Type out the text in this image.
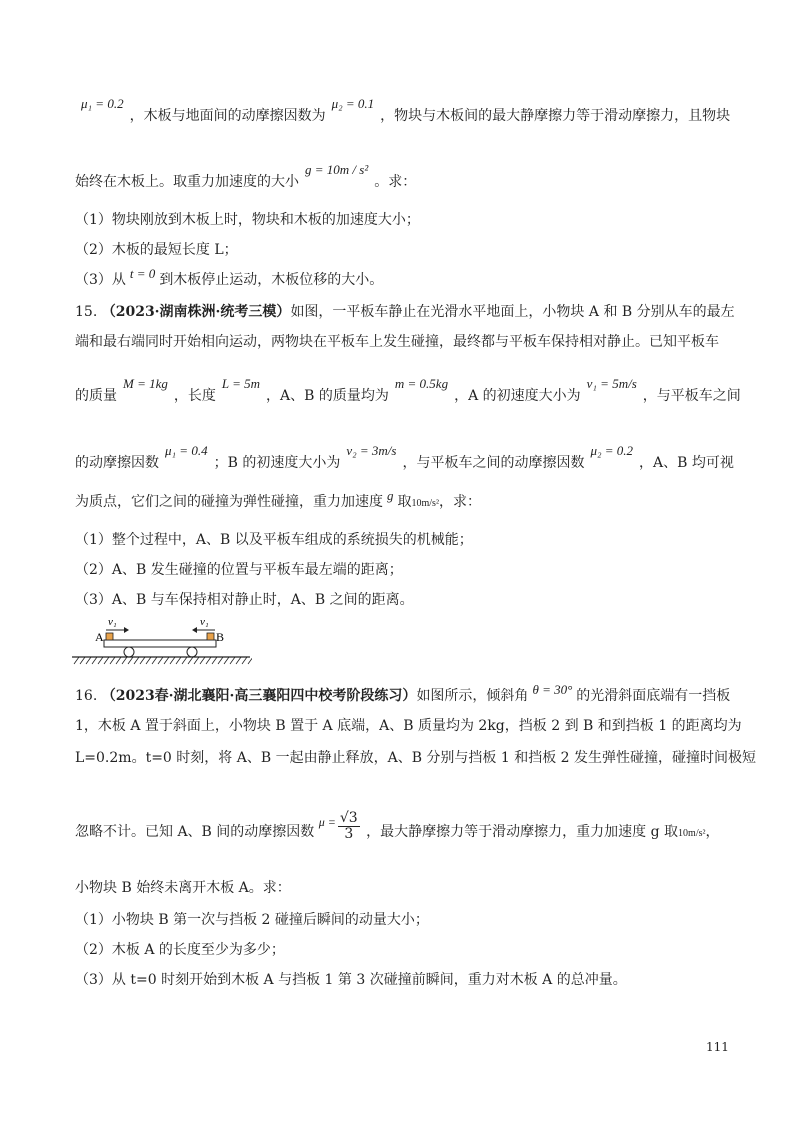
μ₁ = 0.2，木板与地面间的动摩擦因数为μ₂ = 0.1，物块与木板间的最大静摩擦力等于滑动摩擦力，且物块
始终在木板上。取重力加速度的大小g = 10m / s²。求：
（1）物块刚放到木板上时，物块和木板的加速度大小；
（2）木板的最短长度 L；
（3）从 t = 0 到木板停止运动，木板位移的大小。
15. （2023·湖南株洲·统考三模）如图，一平板车静止在光滑水平地面上，小物块 A 和 B 分别从车的最左
端和最右端同时开始相向运动，两物块在平板车上发生碰撞，最终都与平板车保持相对静止。已知平板车
的质量M = 1kg，长度L = 5m，A、B 的质量均为m = 0.5kg，A 的初速度大小为v₁ = 5m/s，与平板车之间
的动摩擦因数μ₁ = 0.4；B 的初速度大小为v₂ = 3m/s，与平板车之间的动摩擦因数μ₂ = 0.2，A、B 均可视
为质点，它们之间的碰撞为弹性碰撞，重力加速度 g 取10m/s²，求：
（1）整个过程中，A、B 以及平板车组成的系统损失的机械能；
（2）A、B 发生碰撞的位置与平板车最左端的距离；
（3）A、B 与车保持相对静止时，A、B 之间的距离。
A	B
v₁	v₁
16. （2023春·湖北襄阳·高三襄阳四中校考阶段练习）如图所示，倾斜角 θ = 30° 的光滑斜面底端有一挡板
1，木板 A 置于斜面上，小物块 B 置于 A 底端，A、B 质量均为 2kg，挡板 2 到 B 和到挡板 1 的距离均为
L=0.2m。t=0 时刻，将 A、B 一起由静止释放，A、B 分别与挡板 1 和挡板 2 发生弹性碰撞，碰撞时间极短
忽略不计。已知 A、B 间的动摩擦因数 $\mu = \frac{√3}{3}$ ，最大静摩擦力等于滑动摩擦力，重力加速度 g 取10m/s²，
小物块 B 始终未离开木板 A。求：
（1）小物块 B 第一次与挡板 2 碰撞后瞬间的动量大小；
（2）木板 A 的长度至少为多少；
（3）从 t=0 时刻开始到木板 A 与挡板 1 第 3 次碰撞前瞬间，重力对木板 A 的总冲量。
111
